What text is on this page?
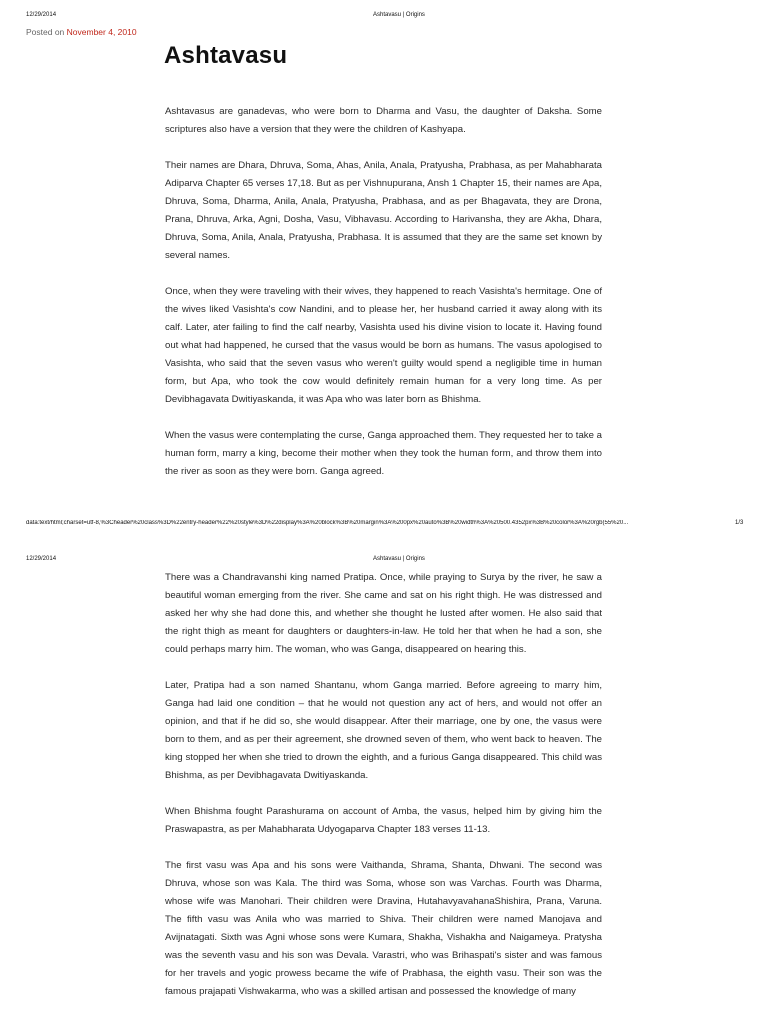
12/29/2014	Ashtavasu | Origins
Posted on November 4, 2010
Ashtavasu

Ashtavasus are ganadevas, who were born to Dharma and Vasu, the daughter of Daksha. Some scriptures also have a version that they were the children of Kashyapa.

Their names are Dhara, Dhruva, Soma, Ahas, Anila, Anala, Pratyusha, Prabhasa, as per Mahabharata Adiparva Chapter 65 verses 17,18. But as per Vishnupurana, Ansh 1 Chapter 15, their names are Apa, Dhruva, Soma, Dharma, Anila, Anala, Pratyusha, Prabhasa, and as per Bhagavata, they are Drona, Prana, Dhruva, Arka, Agni, Dosha, Vasu, Vibhavasu. According to Harivansha, they are Akha, Dhara, Dhruva, Soma, Anila, Anala, Pratyusha, Prabhasa. It is assumed that they are the same set known by several names.

Once, when they were traveling with their wives, they happened to reach Vasishta's hermitage. One of the wives liked Vasishta's cow Nandini, and to please her, her husband carried it away along with its calf. Later, ater failing to find the calf nearby, Vasishta used his divine vision to locate it. Having found out what had happened, he cursed that the vasus would be born as humans. The vasus apologised to Vasishta, who said that the seven vasus who weren't guilty would spend a negligible time in human form, but Apa, who took the cow would definitely remain human for a very long time. As per Devibhagavata Dwitiyaskanda, it was Apa who was later born as Bhishma.

When the vasus were contemplating the curse, Ganga approached them. They requested her to take a human form, marry a king, become their mother when they took the human form, and throw them into the river as soon as they were born. Ganga agreed.

data:text/html;charset=utf-8,%3Cheader%20class%3D%22entry-header%22%20style%3D%22display%3A%20block%3B%20margin%3A%200px%20auto%3B%20width%3A%20500.4352px%3B%20color%3A%20rgb(55%20...	1/3
12/29/2014	Ashtavasu | Origins

There was a Chandravanshi king named Pratipa. Once, while praying to Surya by the river, he saw a beautiful woman emerging from the river. She came and sat on his right thigh. He was distressed and asked her why she had done this, and whether she thought he lusted after women. He also said that the right thigh as meant for daughters or daughters-in-law. He told her that when he had a son, she could perhaps marry him. The woman, who was Ganga, disappeared on hearing this.

Later, Pratipa had a son named Shantanu, whom Ganga married. Before agreeing to marry him, Ganga had laid one condition – that he would not question any act of hers, and would not offer an opinion, and that if he did so, she would disappear. After their marriage, one by one, the vasus were born to them, and as per their agreement, she drowned seven of them, who went back to heaven. The king stopped her when she tried to drown the eighth, and a furious Ganga disappeared. This child was Bhishma, as per Devibhagavata Dwitiyaskanda.

When Bhishma fought Parashurama on account of Amba, the vasus, helped him by giving him the Praswapastra, as per Mahabharata Udyogaparva Chapter 183 verses 11-13.

The first vasu was Apa and his sons were Vaithanda, Shrama, Shanta, Dhwani. The second was Dhruva, whose son was Kala. The third was Soma, whose son was Varchas. Fourth was Dharma, whose wife was Manohari. Their children were Dravina, HutahavyavahanaShishira, Prana, Varuna. The fifth vasu was Anila who was married to Shiva. Their children were named Manojava and Avijnatagati. Sixth was Agni whose sons were Kumara, Shakha, Vishakha and Naigameya. Pratysha was the seventh vasu and his son was Devala. Varastri, who was Brihaspati's sister and was famous for her travels and yogic prowess became the wife of Prabhasa, the eighth vasu. Their son was the famous prajapati Vishwakarma, who was a skilled artisan and possessed the knowledge of many
